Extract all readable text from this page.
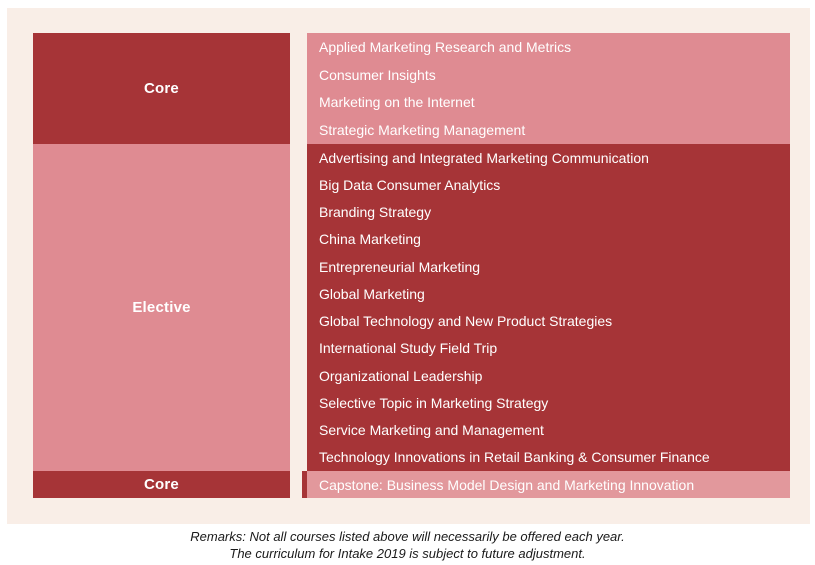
Core
Elective
Core
Applied Marketing Research and Metrics
Consumer Insights
Marketing on the Internet
Strategic Marketing Management
Advertising and Integrated Marketing Communication
Big Data Consumer Analytics
Branding Strategy
China Marketing
Entrepreneurial Marketing
Global Marketing
Global Technology and New Product Strategies
International Study Field Trip
Organizational Leadership
Selective Topic in Marketing Strategy
Service Marketing and Management
Technology Innovations in Retail Banking & Consumer Finance
Capstone: Business Model Design and Marketing Innovation
Remarks: Not all courses listed above will necessarily be offered each year.
The curriculum for Intake 2019 is subject to future adjustment.
